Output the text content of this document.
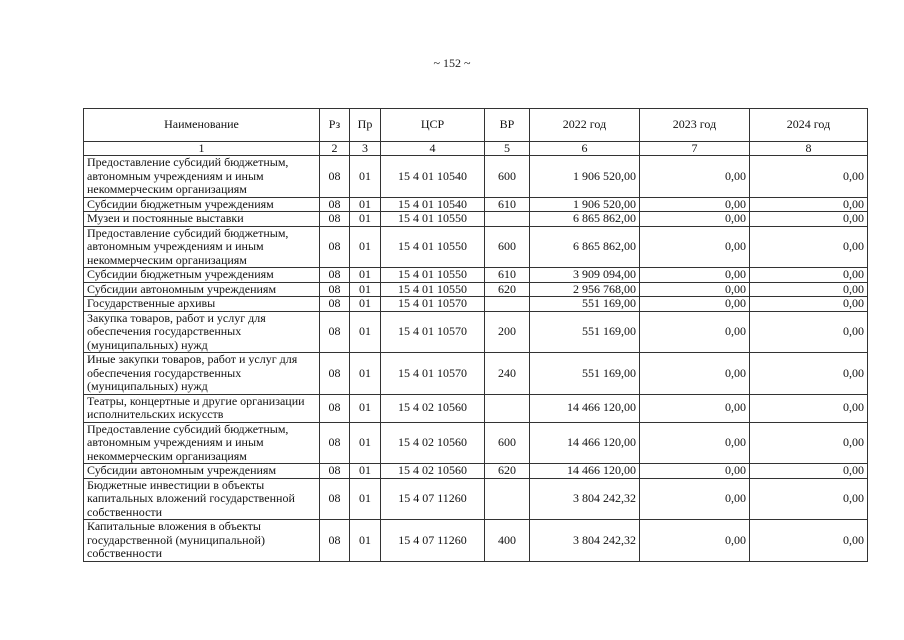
~ 152 ~
Наименование	Рз	Пр	ЦСР	ВР	2022 год	2023 год	2024 год
1	2	3	4	5	6	7	8
Предоставление субсидий бюджетным, автономным учреждениям и иным некоммерческим организациям	08	01	15 4 01 10540	600	1 906 520,00	0,00	0,00
Субсидии бюджетным учреждениям	08	01	15 4 01 10540	610	1 906 520,00	0,00	0,00
Музеи и постоянные выставки	08	01	15 4 01 10550		6 865 862,00	0,00	0,00
Предоставление субсидий бюджетным, автономным учреждениям и иным некоммерческим организациям	08	01	15 4 01 10550	600	6 865 862,00	0,00	0,00
Субсидии бюджетным учреждениям	08	01	15 4 01 10550	610	3 909 094,00	0,00	0,00
Субсидии автономным учреждениям	08	01	15 4 01 10550	620	2 956 768,00	0,00	0,00
Государственные архивы	08	01	15 4 01 10570		551 169,00	0,00	0,00
Закупка товаров, работ и услуг для обеспечения государственных (муниципальных) нужд	08	01	15 4 01 10570	200	551 169,00	0,00	0,00
Иные закупки товаров, работ и услуг для обеспечения государственных (муниципальных) нужд	08	01	15 4 01 10570	240	551 169,00	0,00	0,00
Театры, концертные и другие организации исполнительских искусств	08	01	15 4 02 10560		14 466 120,00	0,00	0,00
Предоставление субсидий бюджетным, автономным учреждениям и иным некоммерческим организациям	08	01	15 4 02 10560	600	14 466 120,00	0,00	0,00
Субсидии автономным учреждениям	08	01	15 4 02 10560	620	14 466 120,00	0,00	0,00
Бюджетные инвестиции в объекты капитальных вложений государственной собственности	08	01	15 4 07 11260		3 804 242,32	0,00	0,00
Капитальные вложения в объекты государственной (муниципальной) собственности	08	01	15 4 07 11260	400	3 804 242,32	0,00	0,00
